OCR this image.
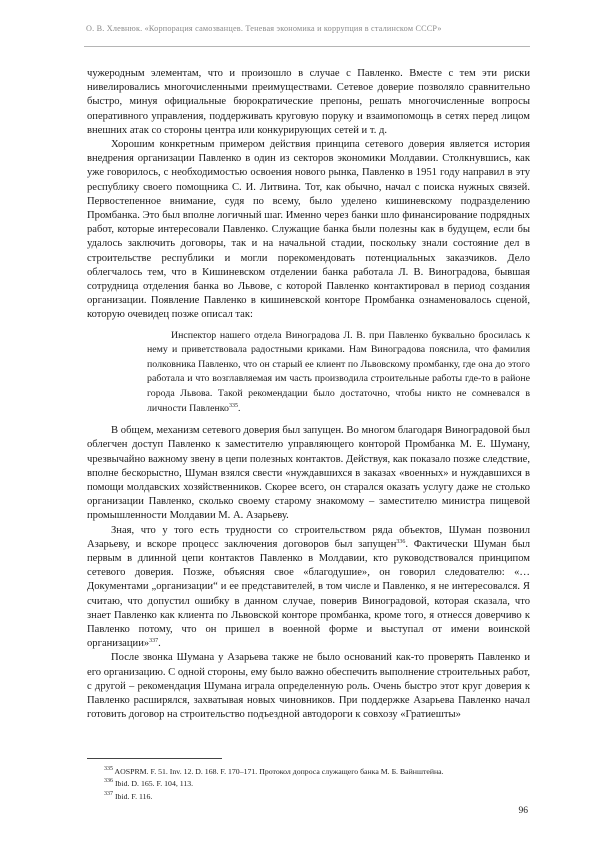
О. В. Хлевнюк. «Корпорация самозванцев. Теневая экономика и коррупция в сталинском СССР»

чужеродным элементам, что и произошло в случае с Павленко. Вместе с тем эти риски нивелировались многочисленными преимуществами. Сетевое доверие позволяло сравнительно быстро, минуя официальные бюрократические препоны, решать многочисленные вопросы оперативного управления, поддерживать круговую поруку и взаимопомощь в сетях перед лицом внешних атак со стороны центра или конкурирующих сетей и т. д.

Хорошим конкретным примером действия принципа сетевого доверия является история внедрения организации Павленко в один из секторов экономики Молдавии. Столкнувшись, как уже говорилось, с необходимостью освоения нового рынка, Павленко в 1951 году направил в эту республику своего помощника С. И. Литвина. Тот, как обычно, начал с поиска нужных связей. Первостепенное внимание, судя по всему, было уделено кишиневскому подразделению Промбанка. Это был вполне логичный шаг. Именно через банки шло финансирование подрядных работ, которые интересовали Павленко. Служащие банка были полезны как в будущем, если бы удалось заключить договоры, так и на начальной стадии, поскольку знали состояние дел в строительстве республики и могли порекомендовать потенциальных заказчиков. Дело облегчалось тем, что в Кишиневском отделении банка работала Л. В. Виноградова, бывшая сотрудница отделения банка во Львове, с которой Павленко контактировал в период создания организации. Появление Павленко в кишиневской конторе Промбанка ознаменовалось сценой, которую очевидец позже описал так:

Инспектор нашего отдела Виноградова Л. В. при Павленко буквально бросилась к нему и приветствовала радостными криками. Нам Виноградова пояснила, что фамилия полковника Павленко, что он старый ее клиент по Львовскому промбанку, где она до этого работала и что возглавляемая им часть производила строительные работы где-то в районе города Львова. Такой рекомендации было достаточно, чтобы никто не сомневался в личности Павленко$^{335}$.

В общем, механизм сетевого доверия был запущен. Во многом благодаря Виноградовой был облегчен доступ Павленко к заместителю управляющего конторой Промбанка М. Е. Шуману, чрезвычайно важному звену в цепи полезных контактов. Действуя, как показало позже следствие, вполне бескорыстно, Шуман взялся свести «нуждавшихся в заказах «военных» и нуждавшихся в помощи молдавских хозяйственников. Скорее всего, он старался оказать услугу даже не столько организации Павленко, сколько своему старому знакомому – заместителю министра пищевой промышленности Молдавии М. А. Азарьеву.

Зная, что у того есть трудности со строительством ряда объектов, Шуман позвонил Азарьеву, и вскоре процесс заключения договоров был запущен$^{336}$. Фактически Шуман был первым в длинной цепи контактов Павленко в Молдавии, кто руководствовался принципом сетевого доверия. Позже, объясняя свое «благодушие», он говорил следователю: «…Документами „организации“ и ее представителей, в том числе и Павленко, я не интересовался. Я считаю, что допустил ошибку в данном случае, поверив Виноградовой, которая сказала, что знает Павленко как клиента по Львовской конторе промбанка, кроме того, я отнесся доверчиво к Павленко потому, что он пришел в военной форме и выступал от имени воинской организации»$^{337}$.

После звонка Шумана у Азарьева также не было оснований как-то проверять Павленко и его организацию. С одной стороны, ему было важно обеспечить выполнение строительных работ, с другой – рекомендация Шумана играла определенную роль. Очень быстро этот круг доверия к Павленко расширялся, захватывая новых чиновников. При поддержке Азарьева Павленко начал готовить договор на строительство подъездной автодороги к совхозу «Гратиешты»

$^{335}$ AOSPRM. F. 51. Inv. 12. D. 168. F. 170–171. Протокол допроса служащего банка М. Б. Вайнштейна.

$^{336}$ Ibid. D. 165. F. 104, 113.

$^{337}$ Ibid. F. 116.

96
